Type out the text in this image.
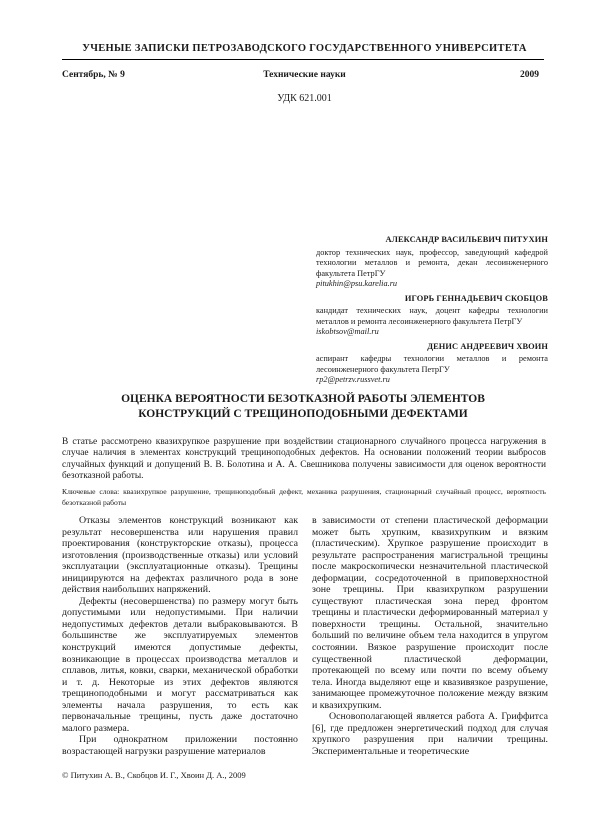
УЧЕНЫЕ ЗАПИСКИ ПЕТРОЗАВОДСКОГО ГОСУДАРСТВЕННОГО УНИВЕРСИТЕТА
Сентябрь, № 9	Технические науки	2009
УДК 621.001
АЛЕКСАНДР ВАСИЛЬЕВИЧ ПИТУХИН
доктор технических наук, профессор, заведующий кафедрой технологии металлов и ремонта, декан лесоинженерного факультета ПетрГУ
pitukhin@psu.karelia.ru
ИГОРЬ ГЕННАДЬЕВИЧ СКОБЦОВ
кандидат технических наук, доцент кафедры технологии металлов и ремонта лесоинженерного факультета ПетрГУ
iskobtsov@mail.ru
ДЕНИС АНДРЕЕВИЧ ХВОИН
аспирант кафедры технологии металлов и ремонта лесоинженерного факультета ПетрГУ
rp2@petrzv.russvet.ru
ОЦЕНКА ВЕРОЯТНОСТИ БЕЗОТКАЗНОЙ РАБОТЫ ЭЛЕМЕНТОВ
КОНСТРУКЦИЙ С ТРЕЩИНОПОДОБНЫМИ ДЕФЕКТАМИ
В статье рассмотрено квазихрупкое разрушение при воздействии стационарного случайного процесса нагружения в случае наличия в элементах конструкций трещиноподобных дефектов. На основании положений теории выбросов случайных функций и допущений В. В. Болотина и А. А. Свешникова получены зависимости для оценок вероятности безотказной работы.
Ключевые слова: квазихрупкое разрушение, трещиноподобный дефект, механика разрушения, стационарный случайный процесс, вероятность безотказной работы

Отказы элементов конструкций возникают как результат несовершенства или нарушения правил проектирования (конструкторские отказы), процесса изготовления (производственные отказы) или условий эксплуатации (эксплуатационные отказы). Трещины инициируются на дефектах различного рода в зоне действия наибольших напряжений.

Дефекты (несовершенства) по размеру могут быть допустимыми или недопустимыми. При наличии недопустимых дефектов детали выбраковываются. В большинстве же эксплуатируемых элементов конструкций имеются допустимые дефекты, возникающие в процессах производства металлов и сплавов, литья, ковки, сварки, механической обработки и т. д. Некоторые из этих дефектов являются трещиноподобными и могут рассматриваться как элементы начала разрушения, то есть как первоначальные трещины, пусть даже достаточно малого размера.

При однократном приложении постоянно возрастающей нагрузки разрушение материалов

в зависимости от степени пластической деформации может быть хрупким, квазихрупким и вязким (пластическим). Хрупкое разрушение происходит в результате распространения магистральной трещины после макроскопически незначительной пластической деформации, сосредоточенной в приповерхностной зоне трещины. При квазихрупком разрушении существуют пластическая зона перед фронтом трещины и пластически деформированный материал у поверхности трещины. Остальной, значительно больший по величине объем тела находится в упругом состоянии. Вязкое разрушение происходит после существенной пластической деформации, протекающей по всему или почти по всему объему тела. Иногда выделяют еще и квазивязкое разрушение, занимающее промежуточное положение между вязким и квазихрупким.

Основополагающей является работа А. Гриффитса [6], где предложен энергетический подход для случая хрупкого разрушения при наличии трещины. Экспериментальные и теоретические

© Питухин А. В., Скобцов И. Г., Хвоин Д. А., 2009
